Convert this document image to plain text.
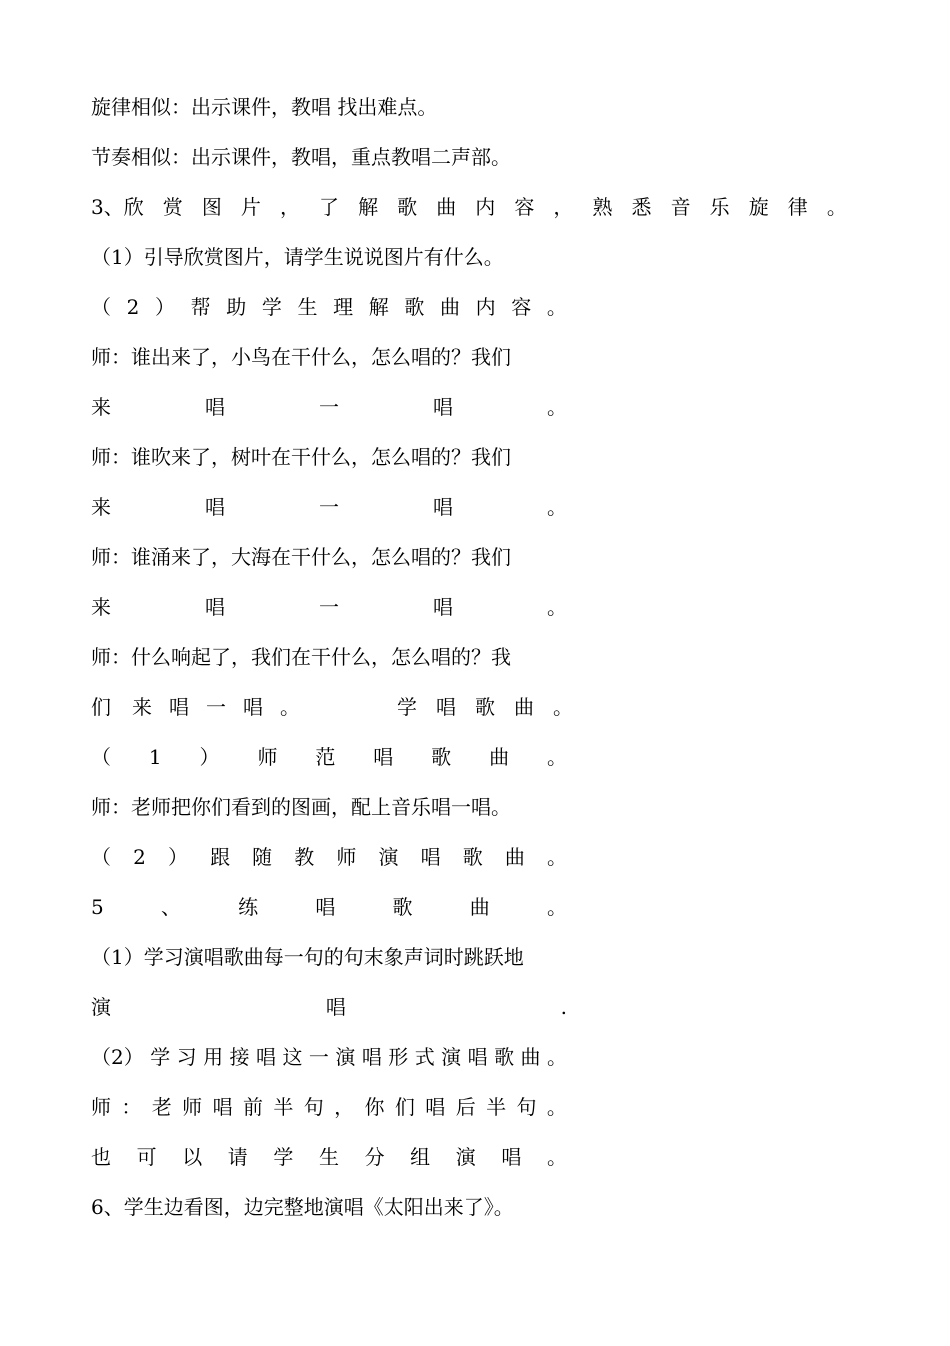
旋律相似：出示课件，教唱 找出难点。
节奏相似：出示课件，教唱，重点教唱二声部。
3、欣 赏 图 片 ， 了 解 歌 曲 内 容 ， 熟 悉 音 乐 旋 律 。
（1）引导欣赏图片，请学生说说图片有什么。
（ 2 ） 帮 助 学 生 理 解 歌 曲 内 容 。
师：谁出来了，小鸟在干什么，怎么唱的？我们
来	唱	一	唱	。
师：谁吹来了，树叶在干什么，怎么唱的？我们
来	唱	一	唱	。
师：谁涌来了，大海在干什么，怎么唱的？我们
来	唱	一	唱	。
师：什么响起了，我们在干什么，怎么唱的？我
们 来 唱 一 唱 。	学 唱 歌 曲 。
（ 1 ） 师 范 唱 歌 曲 。
师：老师把你们看到的图画，配上音乐唱一唱。
（ 2 ） 跟 随 教 师 演 唱 歌 曲 。
5	、	练	唱	歌	曲	。
（1）学习演唱歌曲每一句的句末象声词时跳跃地
演	唱	.
（2） 学 习 用 接 唱 这 一 演 唱 形 式 演 唱 歌 曲 。
师 ： 老 师 唱 前 半 句 ， 你 们 唱 后 半 句 。
也 可 以 请 学 生 分 组 演 唱 。
6、学生边看图，边完整地演唱《太阳出来了》。
